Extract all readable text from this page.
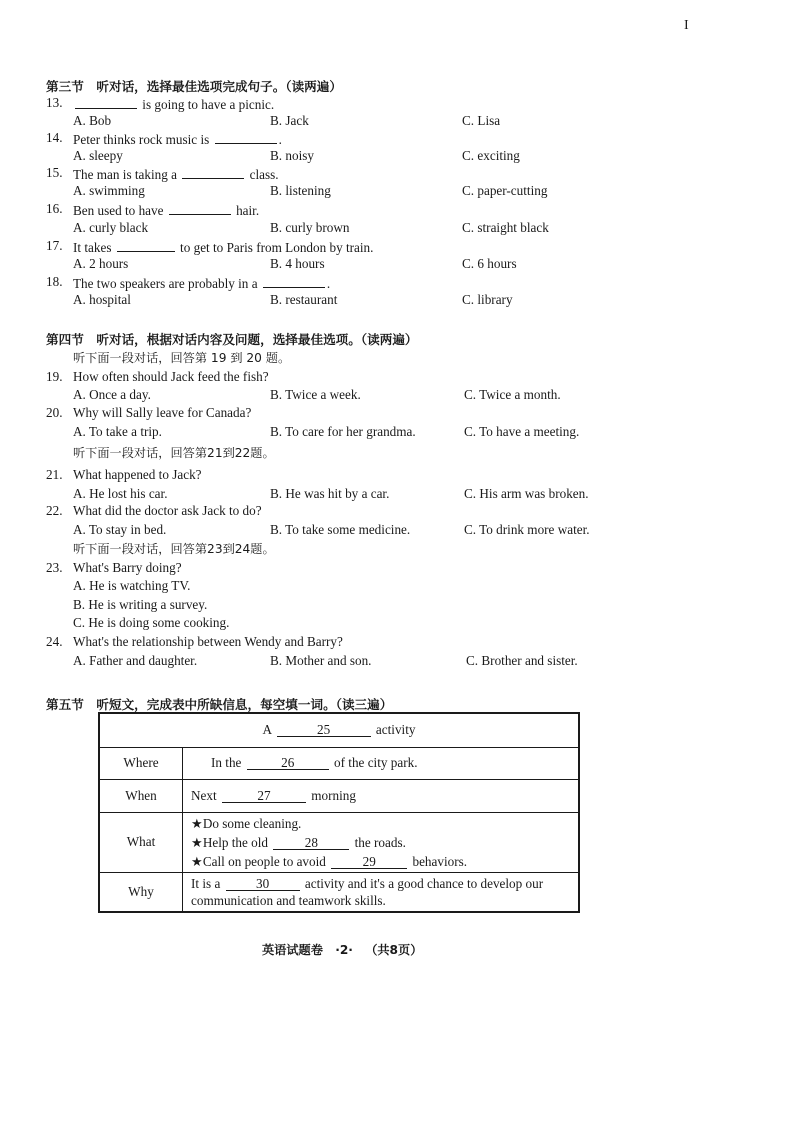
I
第三节　听对话，选择最佳选项完成句子。（读两遍）
13.	is going to have a picnic.
A. Bob	B. Jack	C. Lisa
14. Peter thinks rock music is	.
A. sleepy	B. noisy	C. exciting
15. The man is taking a	class.
A. swimming	B. listening	C. paper-cutting
16. Ben used to have	hair.
A. curly black	B. curly brown	C. straight black
17. It takes	to get to Paris from London by train.
A. 2 hours	B. 4 hours	C. 6 hours
18. The two speakers are probably in a	.
A. hospital	B. restaurant	C. library
第四节　听对话，根据对话内容及问题，选择最佳选项。（读两遍）
听下面一段对话，回答第 19 到 20 题。
19. How often should Jack feed the fish?
A. Once a day.	B. Twice a week.	C. Twice a month.
20. Why will Sally leave for Canada?
A. To take a trip.	B. To care for her grandma.	C. To have a meeting.
听下面一段对话，回答第21到22题。
21. What happened to Jack?
A. He lost his car.	B. He was hit by a car.	C. His arm was broken.
22. What did the doctor ask Jack to do?
A. To stay in bed.	B. To take some medicine.	C. To drink more water.
听下面一段对话，回答第23到24题。
23. What's Barry doing?
A. He is watching TV.
B. He is writing a survey.
C. He is doing some cooking.
24. What's the relationship between Wendy and Barry?
A. Father and daughter.	B. Mother and son.	C. Brother and sister.
第五节　听短文，完成表中所缺信息，每空填一词。（读三遍）
A 25 activity	
Where	In the 26 of the city park.
When	Next 27 morning
What	★Do some cleaning.
★Help the old 28 the roads.
★Call on people to avoid 29 behaviors.

Why	It is a 30 activity and it's a good chance to develop our
communication and teamwork skills.
英语试题卷 ·2· （共8页）
